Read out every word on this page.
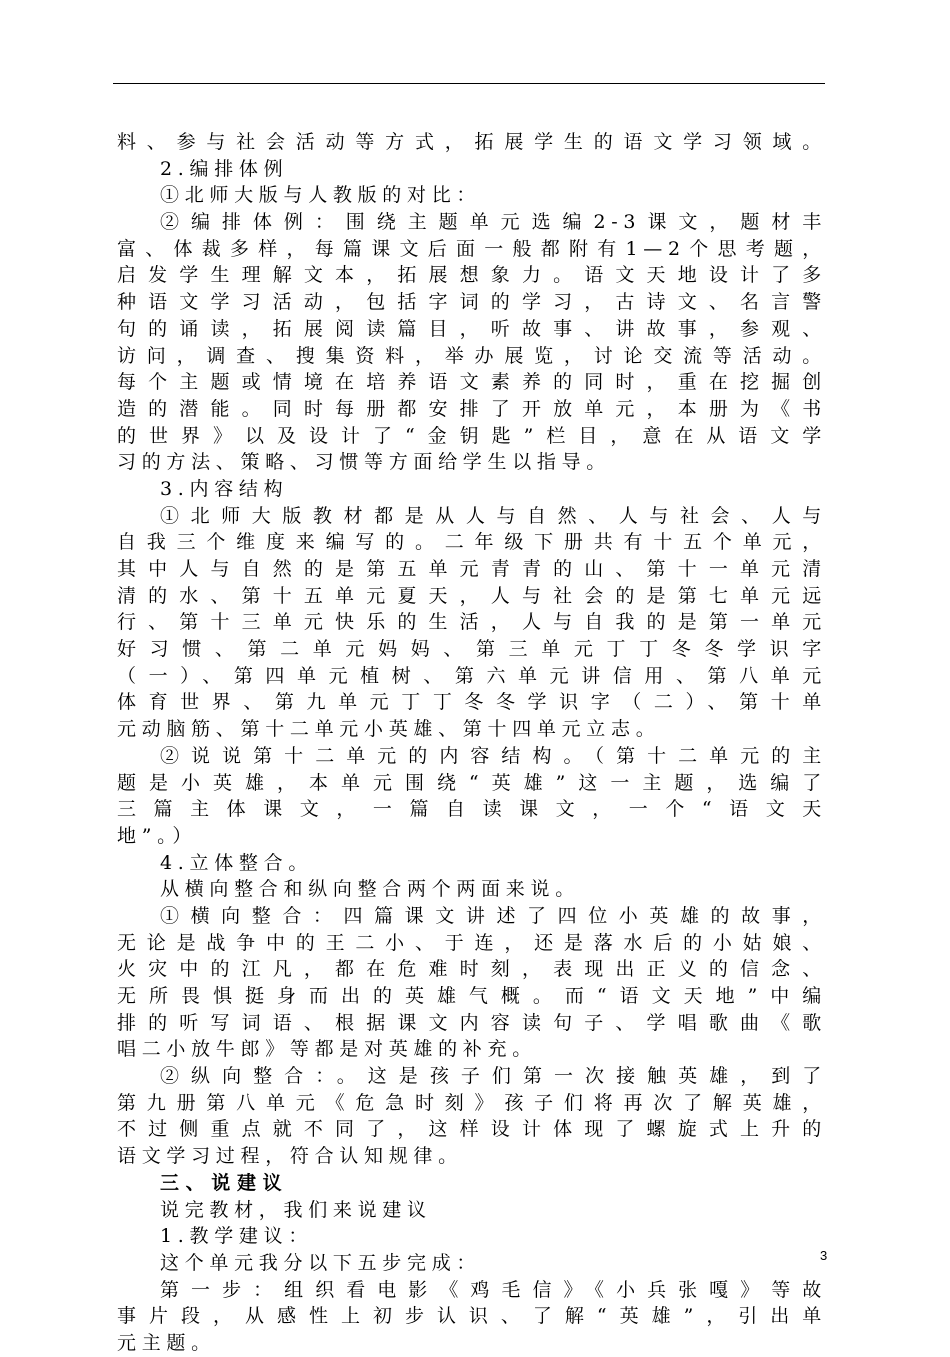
料、参与社会活动等方式，拓展学生的语文学习领域。
2.编排体例
①北师大版与人教版的对比：
②编排体例：围绕主题单元选编2-3课文，题材丰
富、体裁多样，每篇课文后面一般都附有1—2个思考题，
启发学生理解文本，拓展想象力。语文天地设计了多
种语文学习活动，包括字词的学习，古诗文、名言警
句的诵读，拓展阅读篇目，听故事、讲故事，参观、
访问，调查、搜集资料，举办展览，讨论交流等活动。
每个主题或情境在培养语文素养的同时，重在挖掘创
造的潜能。同时每册都安排了开放单元，本册为《书
的世界》以及设计了“金钥匙”栏目，意在从语文学
习的方法、策略、习惯等方面给学生以指导。
3.内容结构
①北师大版教材都是从人与自然、人与社会、人与
自我三个维度来编写的。二年级下册共有十五个单元，
其中人与自然的是第五单元青青的山、第十一单元清
清的水、第十五单元夏天，人与社会的是第七单元远
行、第十三单元快乐的生活，人与自我的是第一单元
好习惯、第二单元妈妈、第三单元丁丁冬冬学识字
（一）、第四单元植树、第六单元讲信用、第八单元
体育世界、第九单元丁丁冬冬学识字（二）、第十单
元动脑筋、第十二单元小英雄、第十四单元立志。
②说说第十二单元的内容结构。（第十二单元的主
题是小英雄，本单元围绕“英雄”这一主题，选编了
三篇主体课文，一篇自读课文，一个“语文天
地”。）
4.立体整合。
从横向整合和纵向整合两个两面来说。
①横向整合：四篇课文讲述了四位小英雄的故事，
无论是战争中的王二小、于连，还是落水后的小姑娘、
火灾中的江凡，都在危难时刻，表现出正义的信念、
无所畏惧挺身而出的英雄气概。而“语文天地”中编
排的听写词语、根据课文内容读句子、学唱歌曲《歌
唱二小放牛郎》等都是对英雄的补充。
②纵向整合：。这是孩子们第一次接触英雄，到了
第九册第八单元《危急时刻》孩子们将再次了解英雄，
不过侧重点就不同了，这样设计体现了螺旋式上升的
语文学习过程，符合认知规律。
三、说建议
说完教材，我们来说建议
1.教学建议：
这个单元我分以下五步完成：
第一步：组织看电影《鸡毛信》《小兵张嘎》等故
事片段，从感性上初步认识、了解“英雄”，引出单
元主题。
3
